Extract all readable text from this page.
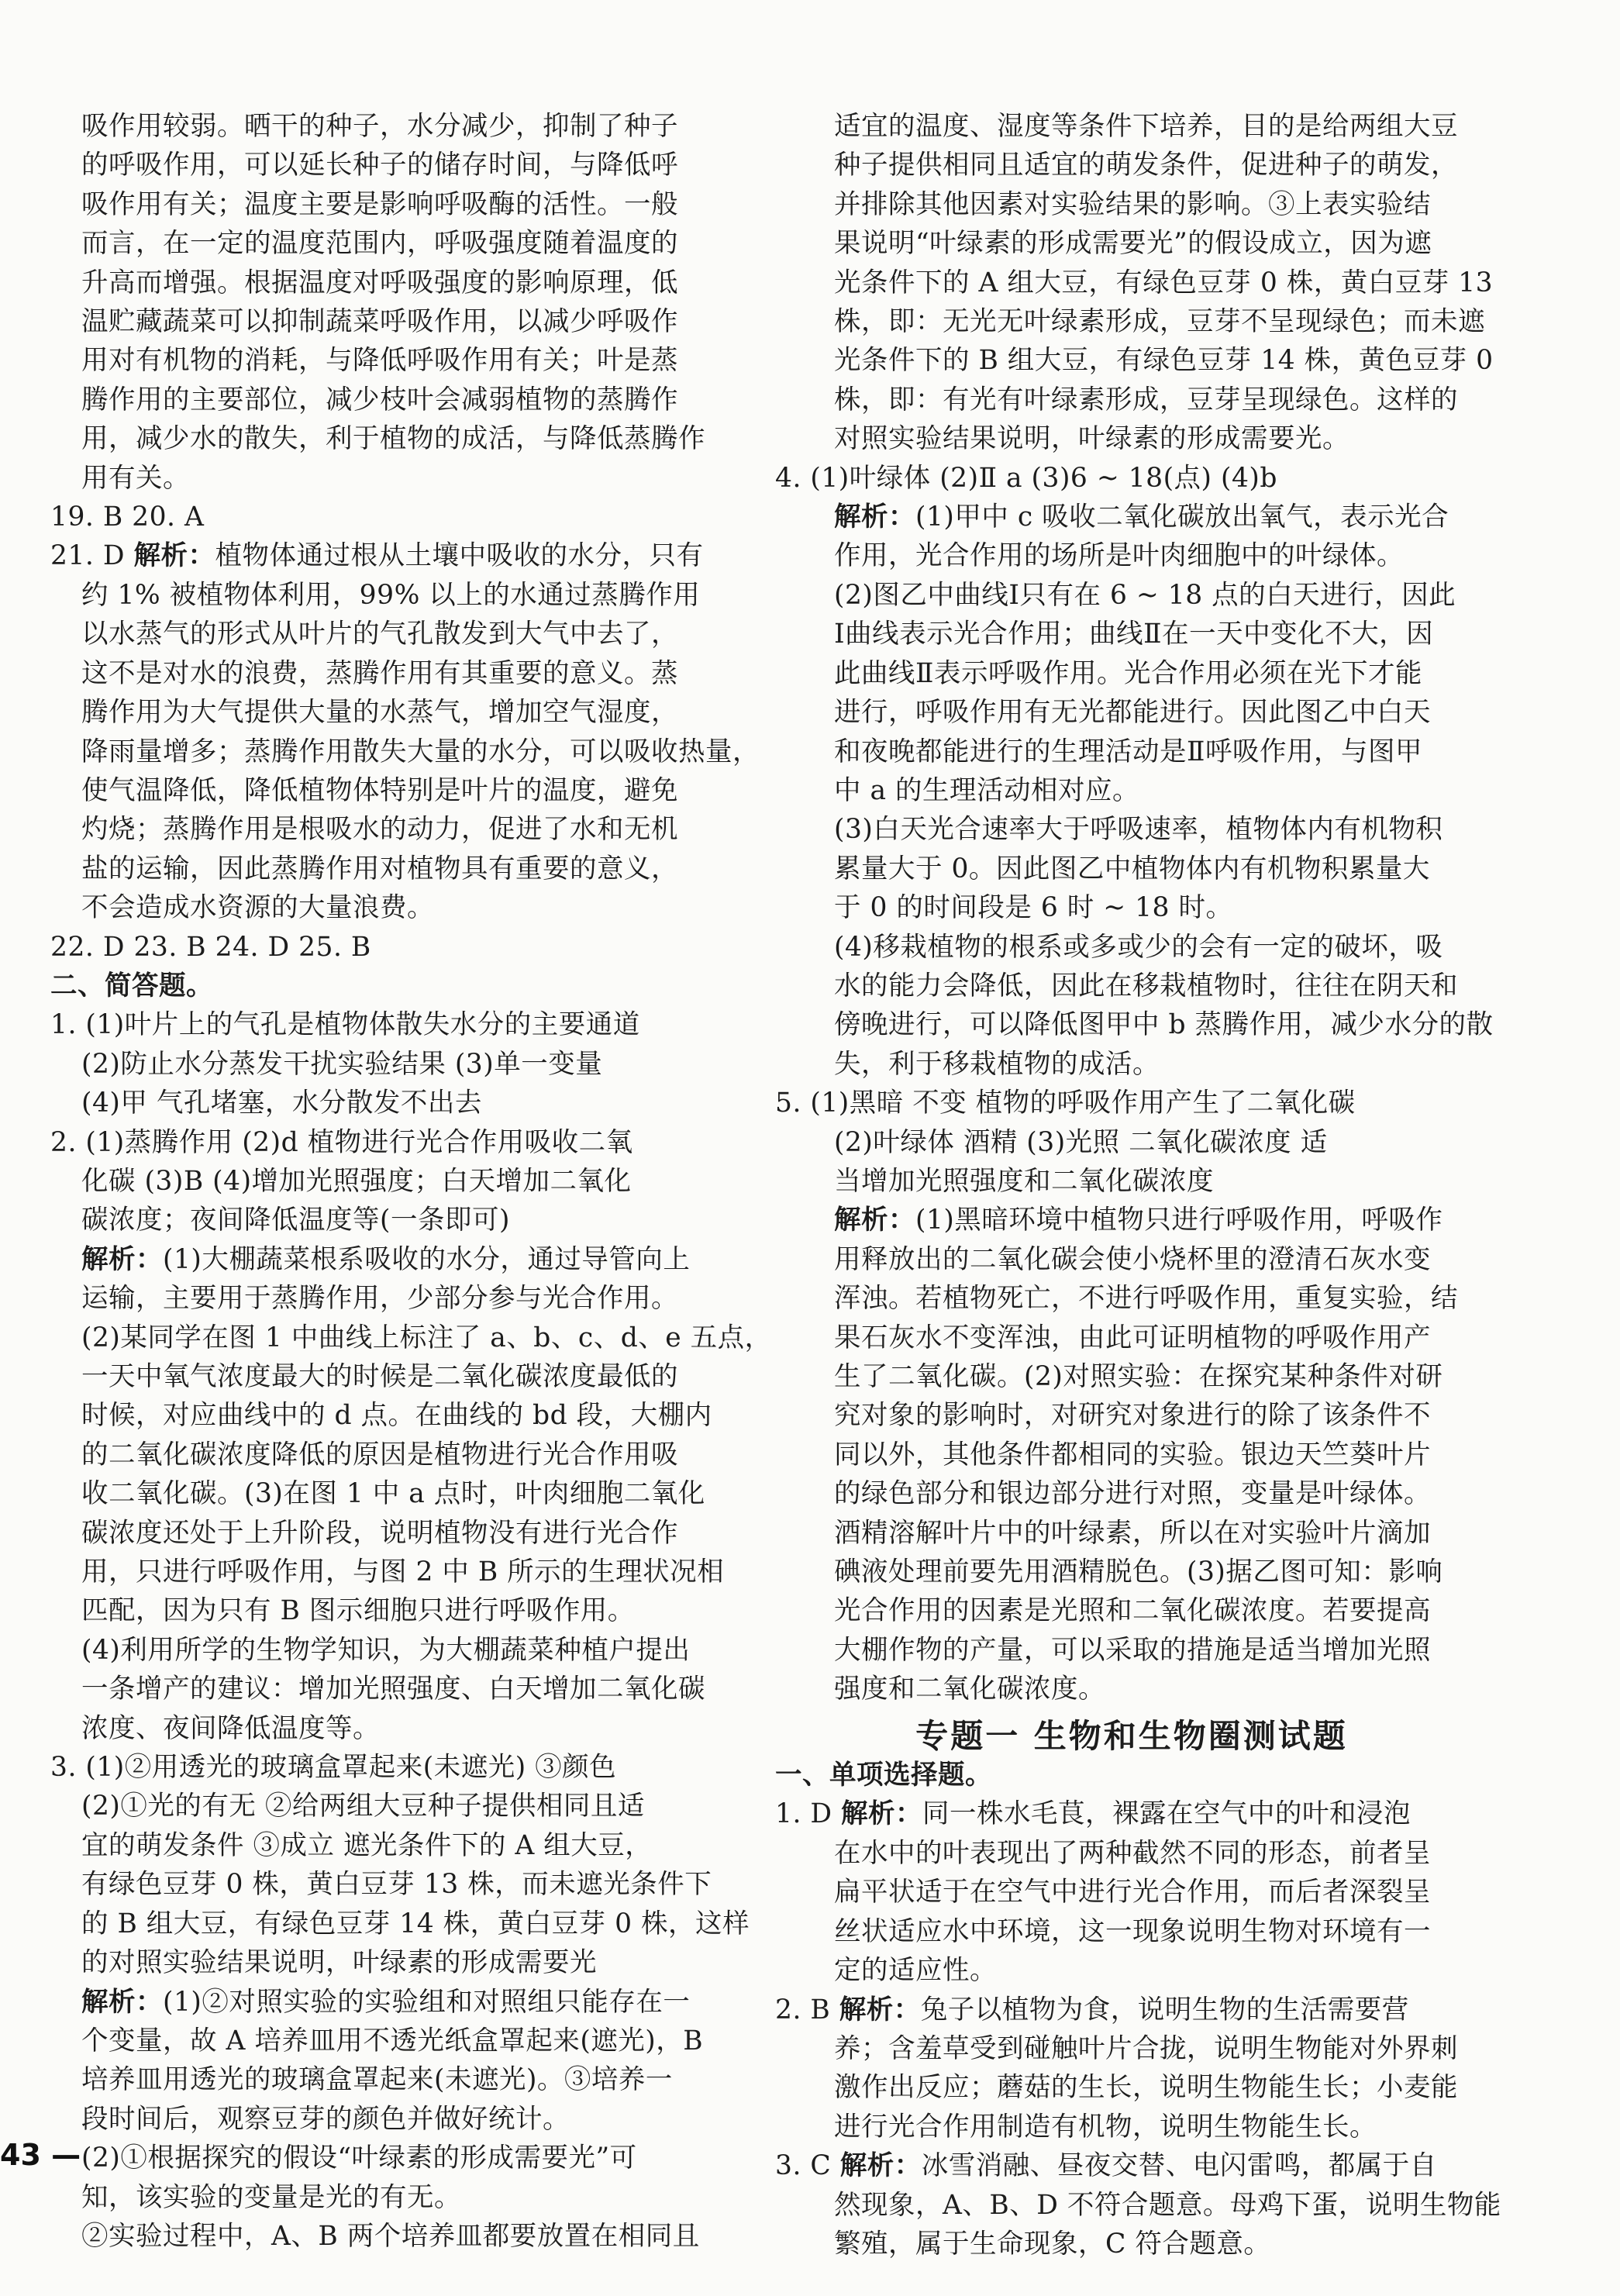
吸作用较弱。晒干的种子，水分减少，抑制了种子
的呼吸作用，可以延长种子的储存时间，与降低呼
吸作用有关；温度主要是影响呼吸酶的活性。一般
而言，在一定的温度范围内，呼吸强度随着温度的
升高而增强。根据温度对呼吸强度的影响原理，低
温贮藏蔬菜可以抑制蔬菜呼吸作用，以减少呼吸作
用对有机物的消耗，与降低呼吸作用有关；叶是蒸
腾作用的主要部位，减少枝叶会减弱植物的蒸腾作
用，减少水的散失，利于植物的成活，与降低蒸腾作
用有关。
19. B 20. A
21. D 解析：植物体通过根从土壤中吸收的水分，只有
约 1% 被植物体利用，99% 以上的水通过蒸腾作用
以水蒸气的形式从叶片的气孔散发到大气中去了，
这不是对水的浪费，蒸腾作用有其重要的意义。蒸
腾作用为大气提供大量的水蒸气，增加空气湿度，
降雨量增多；蒸腾作用散失大量的水分，可以吸收热量，
使气温降低，降低植物体特别是叶片的温度，避免
灼烧；蒸腾作用是根吸水的动力，促进了水和无机
盐的运输，因此蒸腾作用对植物具有重要的意义，
不会造成水资源的大量浪费。
22. D 23. B 24. D 25. B
二、简答题。
1. (1)叶片上的气孔是植物体散失水分的主要通道
(2)防止水分蒸发干扰实验结果 (3)单一变量
(4)甲 气孔堵塞，水分散发不出去
2. (1)蒸腾作用 (2)d 植物进行光合作用吸收二氧
化碳 (3)B (4)增加光照强度；白天增加二氧化
碳浓度；夜间降低温度等(一条即可)
解析：(1)大棚蔬菜根系吸收的水分，通过导管向上
运输，主要用于蒸腾作用，少部分参与光合作用。
(2)某同学在图 1 中曲线上标注了 a、b、c、d、e 五点，
一天中氧气浓度最大的时候是二氧化碳浓度最低的
时候，对应曲线中的 d 点。在曲线的 bd 段，大棚内
的二氧化碳浓度降低的原因是植物进行光合作用吸
收二氧化碳。(3)在图 1 中 a 点时，叶肉细胞二氧化
碳浓度还处于上升阶段，说明植物没有进行光合作
用，只进行呼吸作用，与图 2 中 B 所示的生理状况相
匹配，因为只有 B 图示细胞只进行呼吸作用。
(4)利用所学的生物学知识，为大棚蔬菜种植户提出
一条增产的建议：增加光照强度、白天增加二氧化碳
浓度、夜间降低温度等。
3. (1)②用透光的玻璃盒罩起来(未遮光) ③颜色
(2)①光的有无 ②给两组大豆种子提供相同且适
宜的萌发条件 ③成立 遮光条件下的 A 组大豆，
有绿色豆芽 0 株，黄白豆芽 13 株，而未遮光条件下
的 B 组大豆，有绿色豆芽 14 株，黄白豆芽 0 株，这样
的对照实验结果说明，叶绿素的形成需要光
解析：(1)②对照实验的实验组和对照组只能存在一
个变量，故 A 培养皿用不透光纸盒罩起来(遮光)，B
培养皿用透光的玻璃盒罩起来(未遮光)。③培养一
段时间后，观察豆芽的颜色并做好统计。
(2)①根据探究的假设“叶绿素的形成需要光”可
知，该实验的变量是光的有无。
②实验过程中，A、B 两个培养皿都要放置在相同且
适宜的温度、湿度等条件下培养，目的是给两组大豆
种子提供相同且适宜的萌发条件，促进种子的萌发，
并排除其他因素对实验结果的影响。③上表实验结
果说明“叶绿素的形成需要光”的假设成立，因为遮
光条件下的 A 组大豆，有绿色豆芽 0 株，黄白豆芽 13
株，即：无光无叶绿素形成，豆芽不呈现绿色；而未遮
光条件下的 B 组大豆，有绿色豆芽 14 株，黄色豆芽 0
株，即：有光有叶绿素形成，豆芽呈现绿色。这样的
对照实验结果说明，叶绿素的形成需要光。
4. (1)叶绿体 (2)Ⅱ a (3)6 ~ 18(点) (4)b
解析：(1)甲中 c 吸收二氧化碳放出氧气，表示光合
作用，光合作用的场所是叶肉细胞中的叶绿体。
(2)图乙中曲线Ⅰ只有在 6 ~ 18 点的白天进行，因此
Ⅰ曲线表示光合作用；曲线Ⅱ在一天中变化不大，因
此曲线Ⅱ表示呼吸作用。光合作用必须在光下才能
进行，呼吸作用有无光都能进行。因此图乙中白天
和夜晚都能进行的生理活动是Ⅱ呼吸作用，与图甲
中 a 的生理活动相对应。
(3)白天光合速率大于呼吸速率，植物体内有机物积
累量大于 0。因此图乙中植物体内有机物积累量大
于 0 的时间段是 6 时 ~ 18 时。
(4)移栽植物的根系或多或少的会有一定的破坏，吸
水的能力会降低，因此在移栽植物时，往往在阴天和
傍晚进行，可以降低图甲中 b 蒸腾作用，减少水分的散
失，利于移栽植物的成活。
5. (1)黑暗 不变 植物的呼吸作用产生了二氧化碳
(2)叶绿体 酒精 (3)光照 二氧化碳浓度 适
当增加光照强度和二氧化碳浓度
解析：(1)黑暗环境中植物只进行呼吸作用，呼吸作
用释放出的二氧化碳会使小烧杯里的澄清石灰水变
浑浊。若植物死亡，不进行呼吸作用，重复实验，结
果石灰水不变浑浊，由此可证明植物的呼吸作用产
生了二氧化碳。(2)对照实验：在探究某种条件对研
究对象的影响时，对研究对象进行的除了该条件不
同以外，其他条件都相同的实验。银边天竺葵叶片
的绿色部分和银边部分进行对照，变量是叶绿体。
酒精溶解叶片中的叶绿素，所以在对实验叶片滴加
碘液处理前要先用酒精脱色。(3)据乙图可知：影响
光合作用的因素是光照和二氧化碳浓度。若要提高
大棚作物的产量，可以采取的措施是适当增加光照
强度和二氧化碳浓度。
专题一 生物和生物圈测试题
一、单项选择题。
1. D 解析：同一株水毛茛，裸露在空气中的叶和浸泡
在水中的叶表现出了两种截然不同的形态，前者呈
扁平状适于在空气中进行光合作用，而后者深裂呈
丝状适应水中环境，这一现象说明生物对环境有一
定的适应性。
2. B 解析：兔子以植物为食，说明生物的生活需要营
养；含羞草受到碰触叶片合拢，说明生物能对外界刺
激作出反应；蘑菇的生长，说明生物能生长；小麦能
进行光合作用制造有机物，说明生物能生长。
3. C 解析：冰雪消融、昼夜交替、电闪雷鸣，都属于自
然现象，A、B、D 不符合题意。母鸡下蛋，说明生物能
繁殖，属于生命现象，C 符合题意。
43 —
